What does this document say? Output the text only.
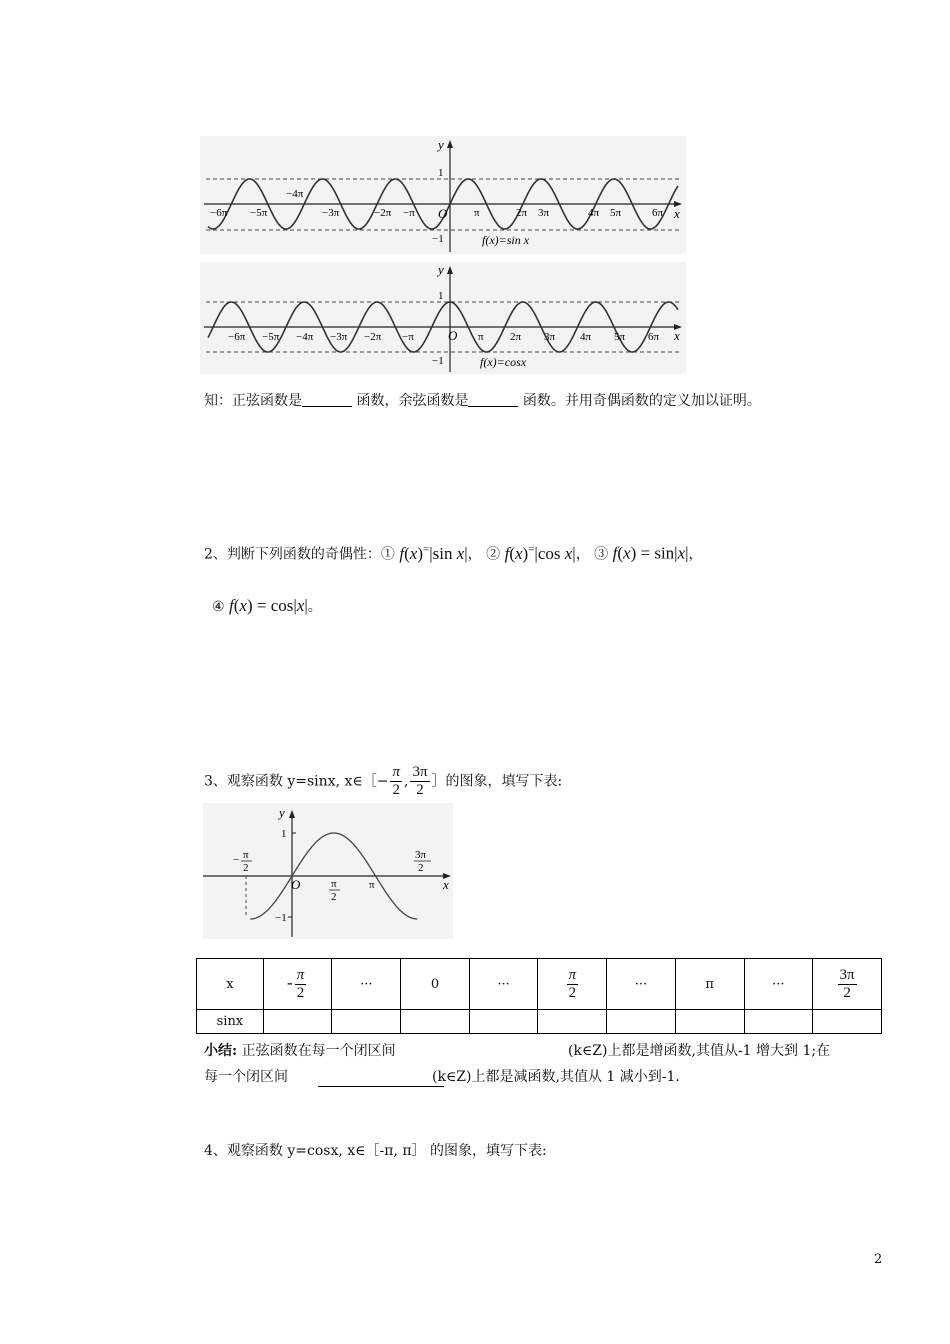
y
x
O
1
−1
−6π −5π
−4π
−3π	−2π −π	π	2π 3π	4π 5π	6π
f(x)=sin x
y
x
O
1
−1
−6π −5π −4π −3π −2π −π	π 2π 3π 4π 5π 6π
f(x)=cosx
知：正弦函数是	函数，余弦函数是	函数。并用奇偶函数的定义加以证明。
2、判断下列函数的奇偶性：① f(x)=|sin x|， ② f(x)=|cos x|， ③ f(x) = sin|x|，
④ f(x) = cos|x|。
3、观察函数 y=sinx, x∈［− $\frac{\pi}{2}$ , $\frac{3\pi}{2}$ ］的图象，填写下表:
y
x
O
1
−1
− π
2
π
2
π
3π
2
x	- $\frac{\pi}{2}$	···	0	···	$\frac{\pi}{2}$	···	π	···	$\frac{3\pi}{2}$

sinx									
小结: 正弦函数在每一个闭区间	(k∈Z)上都是增函数,其值从-1 增大到 1;在
每一个闭区间	(k∈Z)上都是减函数,其值从 1 减小到-1.
4、观察函数 y=cosx, x∈［-π, π］ 的图象，填写下表:
2
